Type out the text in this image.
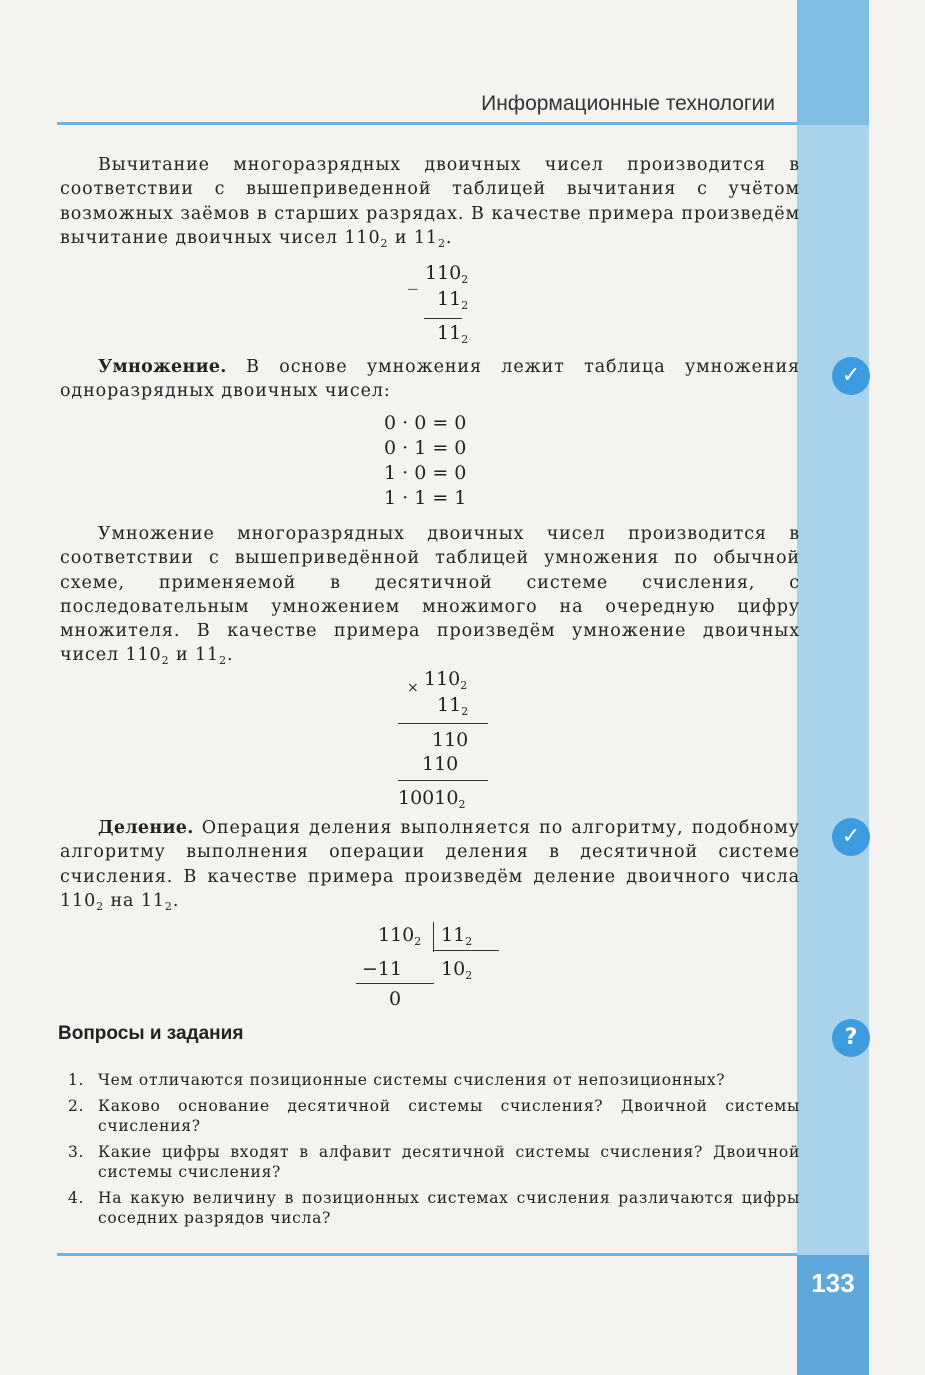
133
Информационные технологии
Вычитание многоразрядных двоичных чисел производится в соответствии с вышеприведенной таблицей вычитания с учётом возможных заёмов в старших разрядах. В качестве примера произведём вычитание двоичных чисел $110_2$ и $11_2$.
_ $110_2$
$11_2$
$11_2$
✓
Умножение. В основе умножения лежит таблица умножения одноразрядных двоичных чисел:
0 · 0 = 0
0 · 1 = 0
1 · 0 = 0
1 · 1 = 1
Умножение многоразрядных двоичных чисел производится в соответствии с вышеприведённой таблицей умножения по обычной схеме, применяемой в десятичной системе счисления, с последовательным умножением множимого на очередную цифру множителя. В качестве примера произведём умножение двоичных чисел $110_2$ и $11_2$.
× $110_2$
$11_2$
110
110
$10010_2$
✓
Деление. Операция деления выполняется по алгоритму, подобному алгоритму выполнения операции деления в десятичной системе счисления. В качестве примера произведём деление двоичного числа $110_2$ на $11_2$.
$110_2$ $11_2$
−11 $10_2$
0
?
Вопросы и задания
1. Чем отличаются позиционные системы счисления от непозиционных?
2. Каково основание десятичной системы счисления? Двоичной системы счисления?
3. Какие цифры входят в алфавит десятичной системы счисления? Двоичной системы счисления?
4. На какую величину в позиционных системах счисления различаются цифры соседних разрядов числа?
